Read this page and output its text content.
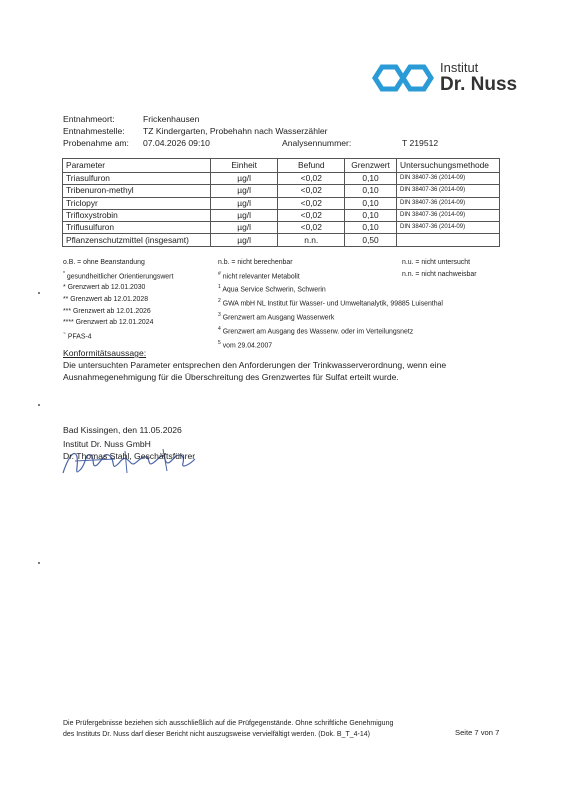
Institut
Dr. Nuss
Entnahmeort:	Frickenhausen
Entnahmestelle: TZ Kindergarten, Probehahn nach Wasserzähler
Probenahme am: 07.04.2026 09:10	Analysennummer:	T 219512
Parameter	Einheit	Befund	Grenzwert	Untersuchungsmethode
Triasulfuron	µg/l	<0,02	0,10	DIN 38407-36 (2014-09)
Tribenuron-methyl	µg/l	<0,02	0,10	DIN 38407-36 (2014-09)
Triclopyr	µg/l	<0,02	0,10	DIN 38407-36 (2014-09)
Trifloxystrobin	µg/l	<0,02	0,10	DIN 38407-36 (2014-09)
Triflusulfuron	µg/l	<0,02	0,10	DIN 38407-36 (2014-09)
Pflanzenschutzmittel (insgesamt)	µg/l	n.n.	0,50	
o.B. = ohne Beanstandung
* gesundheitlicher Orientierungswert
* Grenzwert ab 12.01.2030
** Grenzwert ab 12.01.2028
*** Grenzwert ab 12.01.2026
**** Grenzwert ab 12.01.2024
~ PFAS-4
n.b. = nicht berechenbar
# nicht relevanter Metabolit
$^1$ Aqua Service Schwerin, Schwerin
$^2$ GWA mbH NL Institut für Wasser- und Umweltanalytik, 99885 Luisenthal
$^3$ Grenzwert am Ausgang Wasserwerk
$^4$ Grenzwert am Ausgang des Wasserw. oder im Verteilungsnetz
$^5$ vom 29.04.2007
n.u. = nicht untersucht
n.n. = nicht nachweisbar
Konformitätsaussage:
Die untersuchten Parameter entsprechen den Anforderungen der Trinkwasserverordnung, wenn eine
Ausnahmegenehmigung für die Überschreitung des Grenzwertes für Sulfat erteilt wurde.
Bad Kissingen, den 11.05.2026
Institut Dr. Nuss GmbH
Dr. Thomas Stahl, Geschäftsführer
Die Prüfergebnisse beziehen sich ausschließlich auf die Prüfgegenstände. Ohne schriftliche Genehmigung
des Instituts Dr. Nuss darf dieser Bericht nicht auszugsweise vervielfältigt werden. (Dok. B_T_4-14)	Seite 7 von 7
